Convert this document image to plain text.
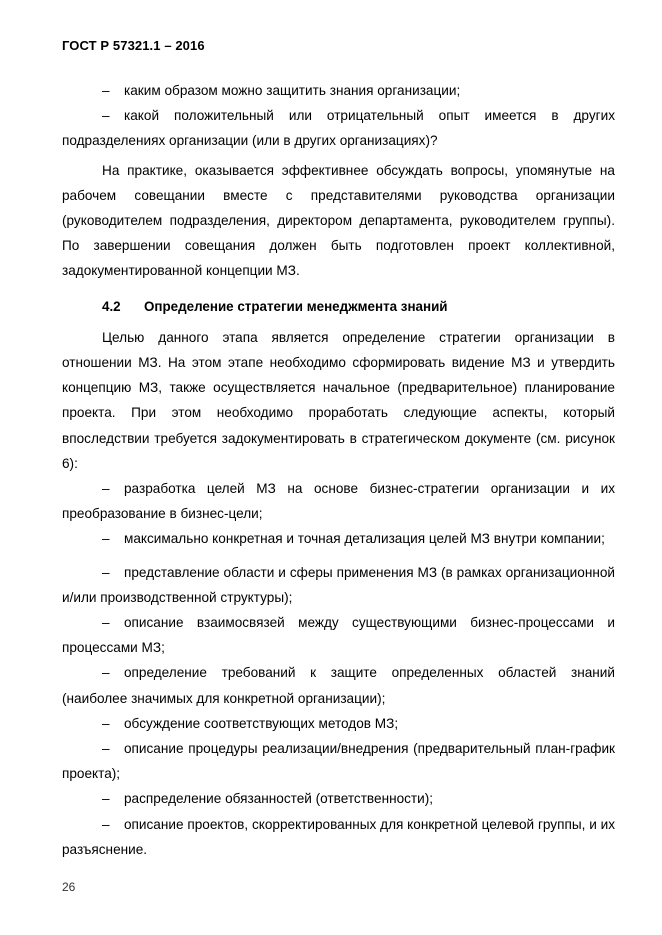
ГОСТ Р 57321.1 – 2016

– каким образом можно защитить знания организации;

– какой положительный или отрицательный опыт имеется в других подразделениях организации (или в других организациях)?

На практике, оказывается эффективнее обсуждать вопросы, упомянутые на рабочем совещании вместе с представителями руководства организации (руководителем подразделения, директором департамента, руководителем группы). По завершении совещания должен быть подготовлен проект коллективной, задокументированной концепции МЗ.

4.2 Определение стратегии менеджмента знаний

Целью данного этапа является определение стратегии организации в отношении МЗ. На этом этапе необходимо сформировать видение МЗ и утвердить концепцию МЗ, также осуществляется начальное (предварительное) планирование проекта. При этом необходимо проработать следующие аспекты, который впоследствии требуется задокументировать в стратегическом документе (см. рисунок 6):

– разработка целей МЗ на основе бизнес-стратегии организации и их преобразование в бизнес-цели;

– максимально конкретная и точная детализация целей МЗ внутри компании;

– представление области и сферы применения МЗ (в рамках организационной и/или производственной структуры);

– описание взаимосвязей между существующими бизнес-процессами и процессами МЗ;

– определение требований к защите определенных областей знаний (наиболее значимых для конкретной организации);

– обсуждение соответствующих методов МЗ;

– описание процедуры реализации/внедрения (предварительный план-график проекта);

– распределение обязанностей (ответственности);

– описание проектов, скорректированных для конкретной целевой группы, и их разъяснение.

26
